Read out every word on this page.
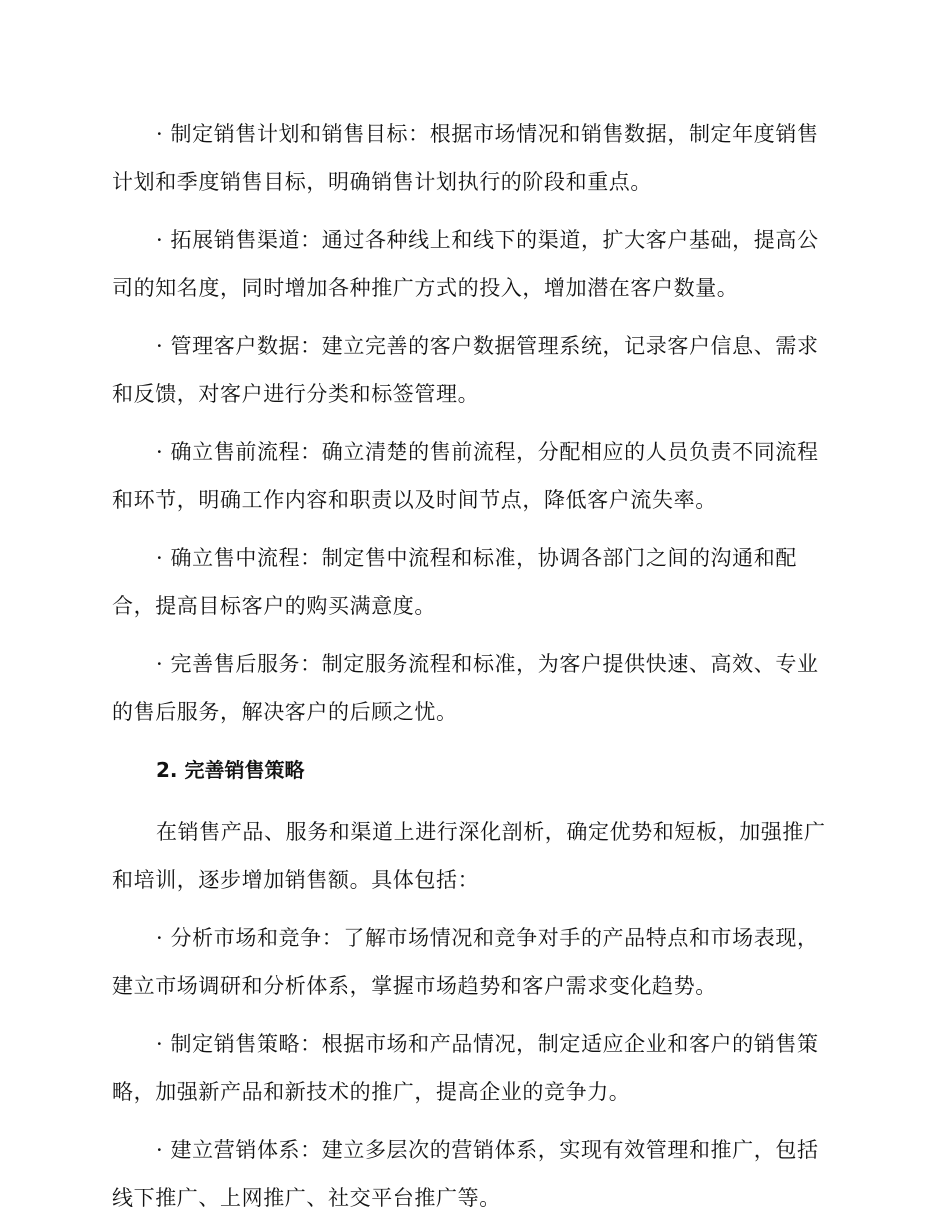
· 制定销售计划和销售目标：根据市场情况和销售数据，制定年度销售计划和季度销售目标，明确销售计划执行的阶段和重点。

· 拓展销售渠道：通过各种线上和线下的渠道，扩大客户基础，提高公司的知名度，同时增加各种推广方式的投入，增加潜在客户数量。

· 管理客户数据：建立完善的客户数据管理系统，记录客户信息、需求和反馈，对客户进行分类和标签管理。

· 确立售前流程：确立清楚的售前流程，分配相应的人员负责不同流程和环节，明确工作内容和职责以及时间节点，降低客户流失率。

· 确立售中流程：制定售中流程和标准，协调各部门之间的沟通和配合，提高目标客户的购买满意度。

· 完善售后服务：制定服务流程和标准，为客户提供快速、高效、专业的售后服务，解决客户的后顾之忧。

2. 完善销售策略

在销售产品、服务和渠道上进行深化剖析，确定优势和短板，加强推广和培训，逐步增加销售额。具体包括：

· 分析市场和竞争：了解市场情况和竞争对手的产品特点和市场表现，建立市场调研和分析体系，掌握市场趋势和客户需求变化趋势。

· 制定销售策略：根据市场和产品情况，制定适应企业和客户的销售策略，加强新产品和新技术的推广，提高企业的竞争力。

· 建立营销体系：建立多层次的营销体系，实现有效管理和推广，包括线下推广、上网推广、社交平台推广等。
